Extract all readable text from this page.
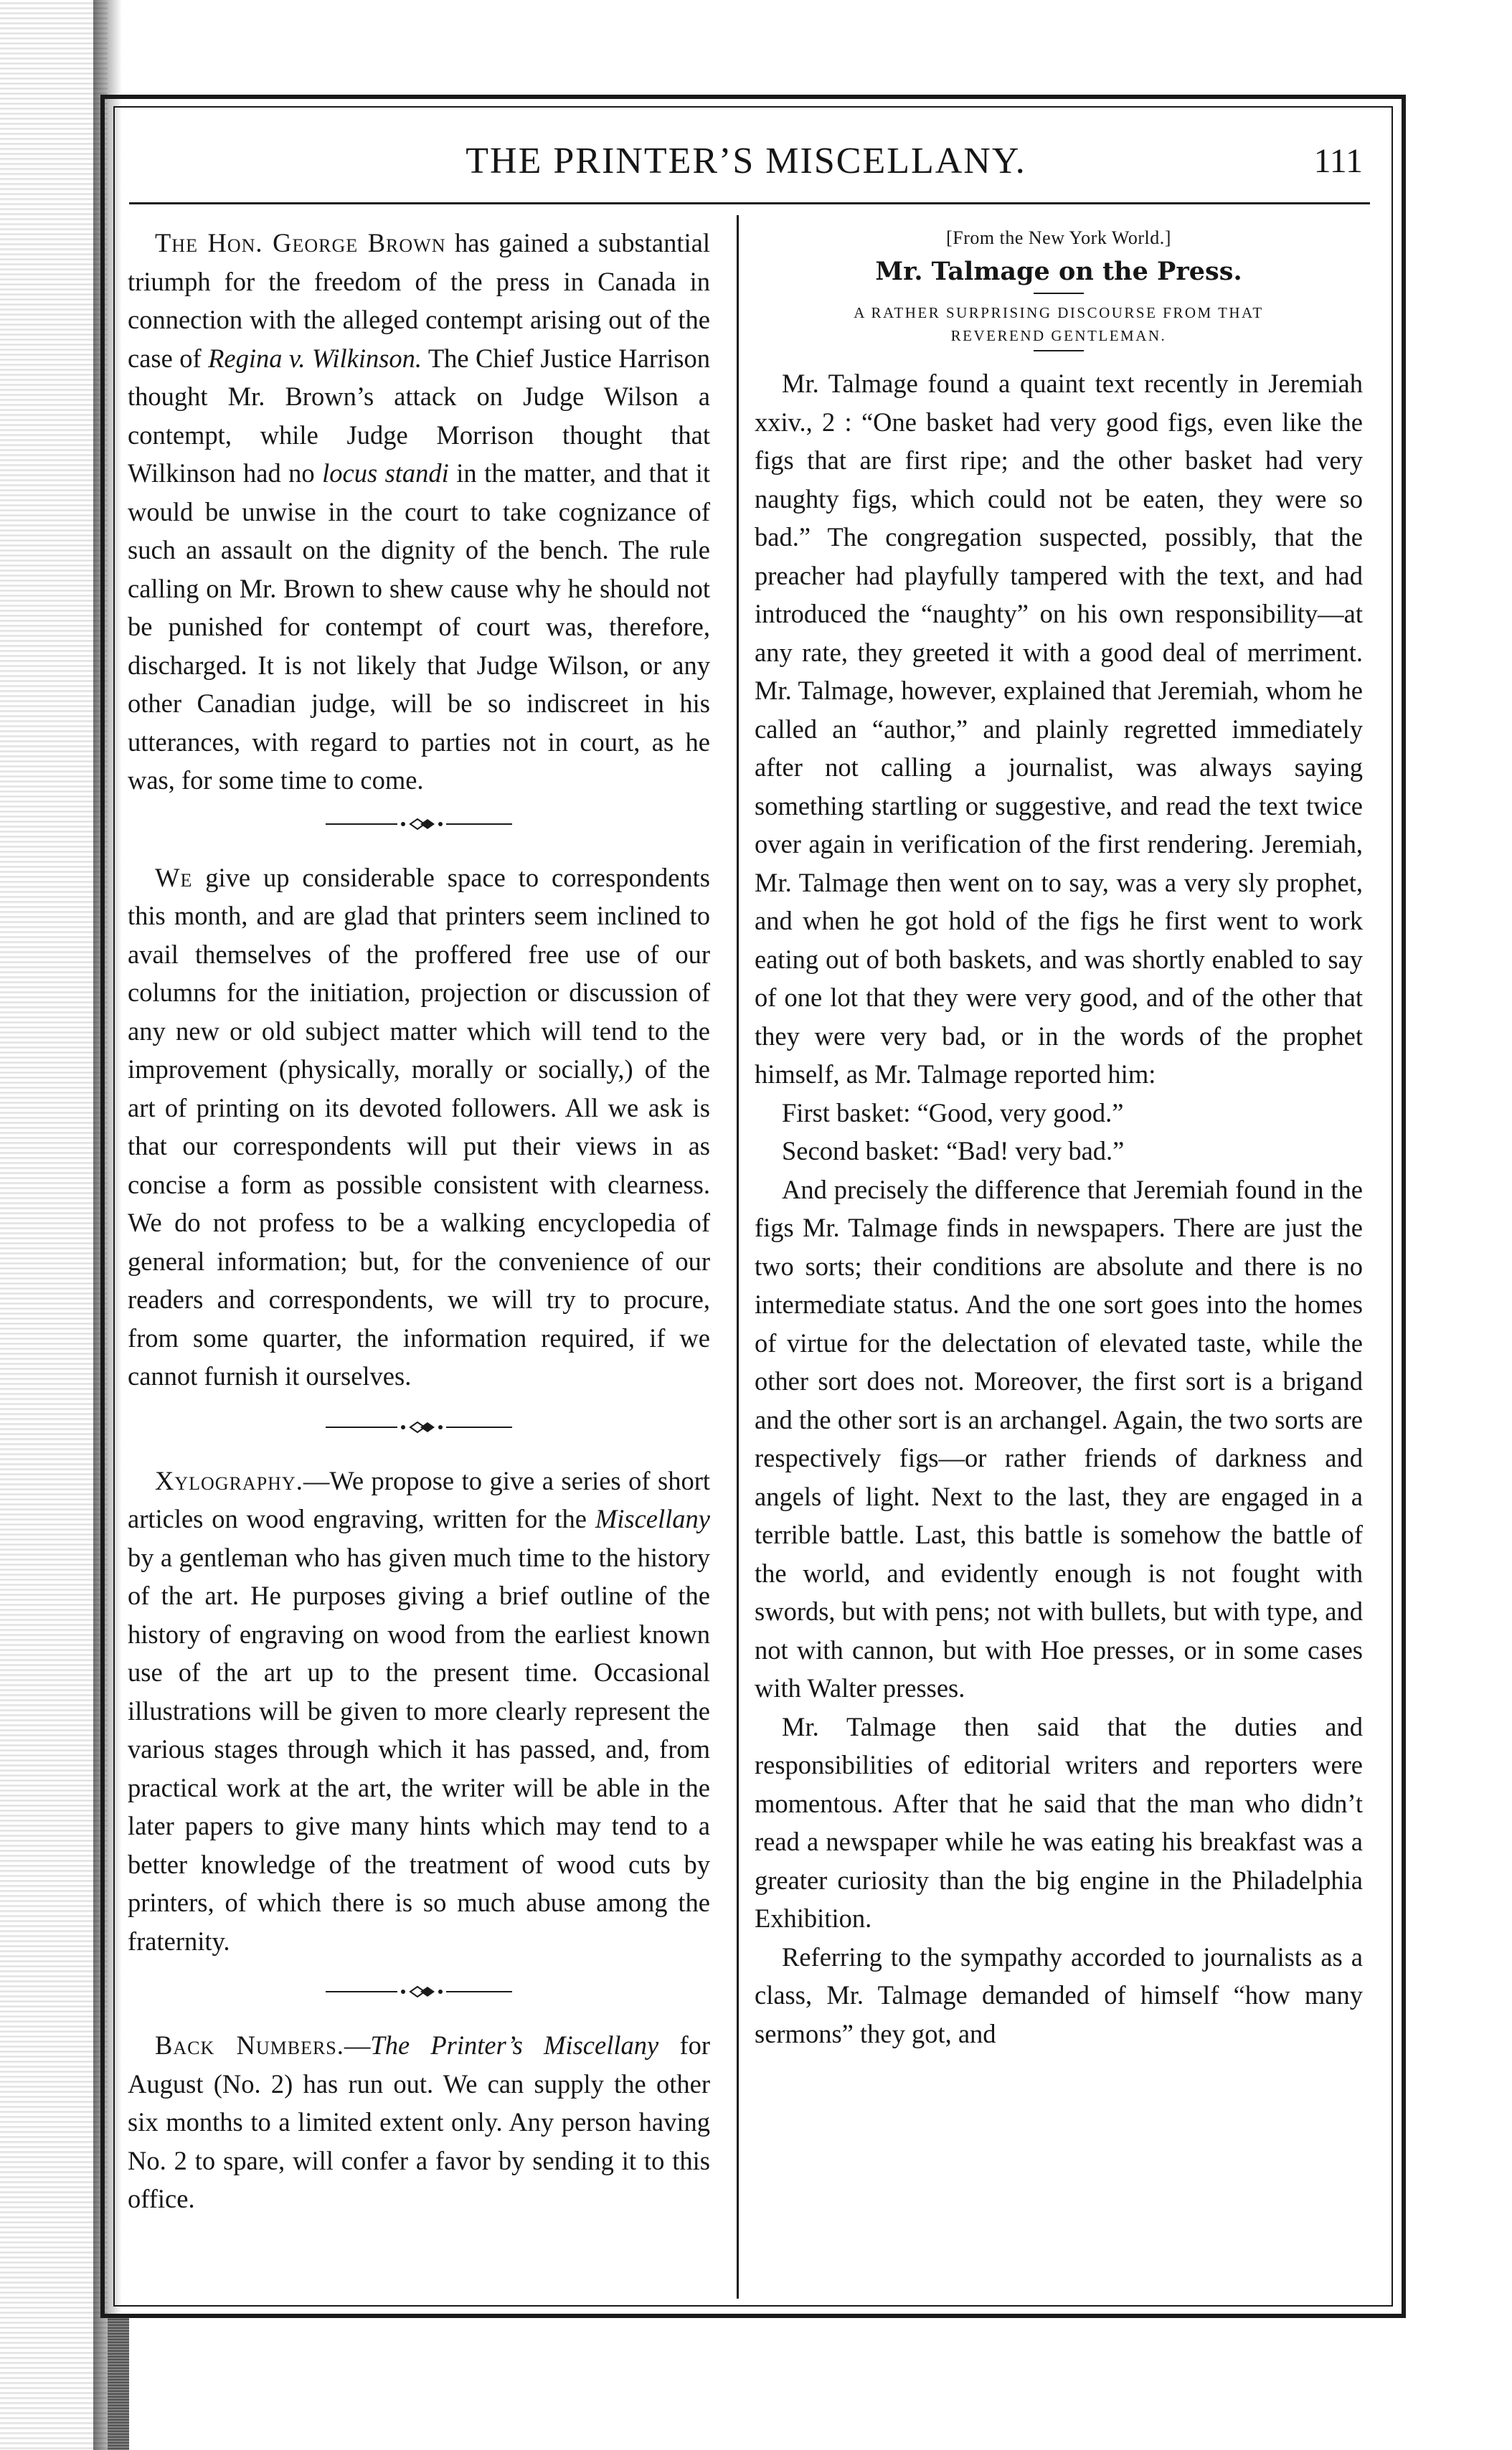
THE PRINTER’S MISCELLANY.	111

The Hon. George Brown has gained a substantial triumph for the freedom of the press in Canada in connection with the alleged contempt arising out of the case of Regina v. Wilkinson. The Chief Justice Harrison thought Mr. Brown’s attack on Judge Wilson a contempt, while Judge Morrison thought that Wilkinson had no locus standi in the matter, and that it would be unwise in the court to take cognizance of such an assault on the dignity of the bench. The rule calling on Mr. Brown to shew cause why he should not be punished for contempt of court was, therefore, discharged. It is not likely that Judge Wilson, or any other Canadian judge, will be so indiscreet in his utterances, with regard to parties not in court, as he was, for some time to come.

We give up considerable space to correspondents this month, and are glad that printers seem inclined to avail themselves of the proffered free use of our columns for the initiation, projection or discussion of any new or old subject matter which will tend to the improvement (physically, morally or socially,) of the art of printing on its devoted followers. All we ask is that our correspondents will put their views in as concise a form as possible consistent with clearness. We do not profess to be a walking encyclopedia of general information; but, for the convenience of our readers and correspondents, we will try to procure, from some quarter, the information required, if we cannot furnish it ourselves.

Xylography.—We propose to give a series of short articles on wood engraving, written for the Miscellany by a gentleman who has given much time to the history of the art. He purposes giving a brief outline of the history of engraving on wood from the earliest known use of the art up to the present time. Occasional illustrations will be given to more clearly represent the various stages through which it has passed, and, from practical work at the art, the writer will be able in the later papers to give many hints which may tend to a better knowledge of the treatment of wood cuts by printers, of which there is so much abuse among the fraternity.

Back Numbers.—The Printer’s Miscellany for August (No. 2) has run out. We can supply the other six months to a limited extent only. Any person having No. 2 to spare, will confer a favor by sending it to this office.

[From the New York World.]

Mr. Talmage on the Press.

A RATHER SURPRISING DISCOURSE FROM THAT

REVEREND GENTLEMAN.

Mr. Talmage found a quaint text recently in Jeremiah xxiv., 2 : “One basket had very good figs, even like the figs that are first ripe; and the other basket had very naughty figs, which could not be eaten, they were so bad.” The congregation suspected, possibly, that the preacher had playfully tampered with the text, and had introduced the “naughty” on his own responsibility—at any rate, they greeted it with a good deal of merriment. Mr. Talmage, however, explained that Jeremiah, whom he called an “author,” and plainly regretted immediately after not calling a journalist, was always saying something startling or suggestive, and read the text twice over again in verification of the first rendering. Jeremiah, Mr. Talmage then went on to say, was a very sly prophet, and when he got hold of the figs he first went to work eating out of both baskets, and was shortly enabled to say of one lot that they were very good, and of the other that they were very bad, or in the words of the prophet himself, as Mr. Talmage reported him:

First basket: “Good, very good.”

Second basket: “Bad! very bad.”

And precisely the difference that Jeremiah found in the figs Mr. Talmage finds in newspapers. There are just the two sorts; their conditions are absolute and there is no intermediate status. And the one sort goes into the homes of virtue for the delectation of elevated taste, while the other sort does not. Moreover, the first sort is a brigand and the other sort is an archangel. Again, the two sorts are respectively figs—or rather friends of darkness and angels of light. Next to the last, they are engaged in a terrible battle. Last, this battle is somehow the battle of the world, and evidently enough is not fought with swords, but with pens; not with bullets, but with type, and not with cannon, but with Hoe presses, or in some cases with Walter presses.

Mr. Talmage then said that the duties and responsibilities of editorial writers and reporters were momentous. After that he said that the man who didn’t read a newspaper while he was eating his breakfast was a greater curiosity than the big engine in the Philadelphia Exhibition.

Referring to the sympathy accorded to journalists as a class, Mr. Talmage demanded of himself “how many sermons” they got, and
